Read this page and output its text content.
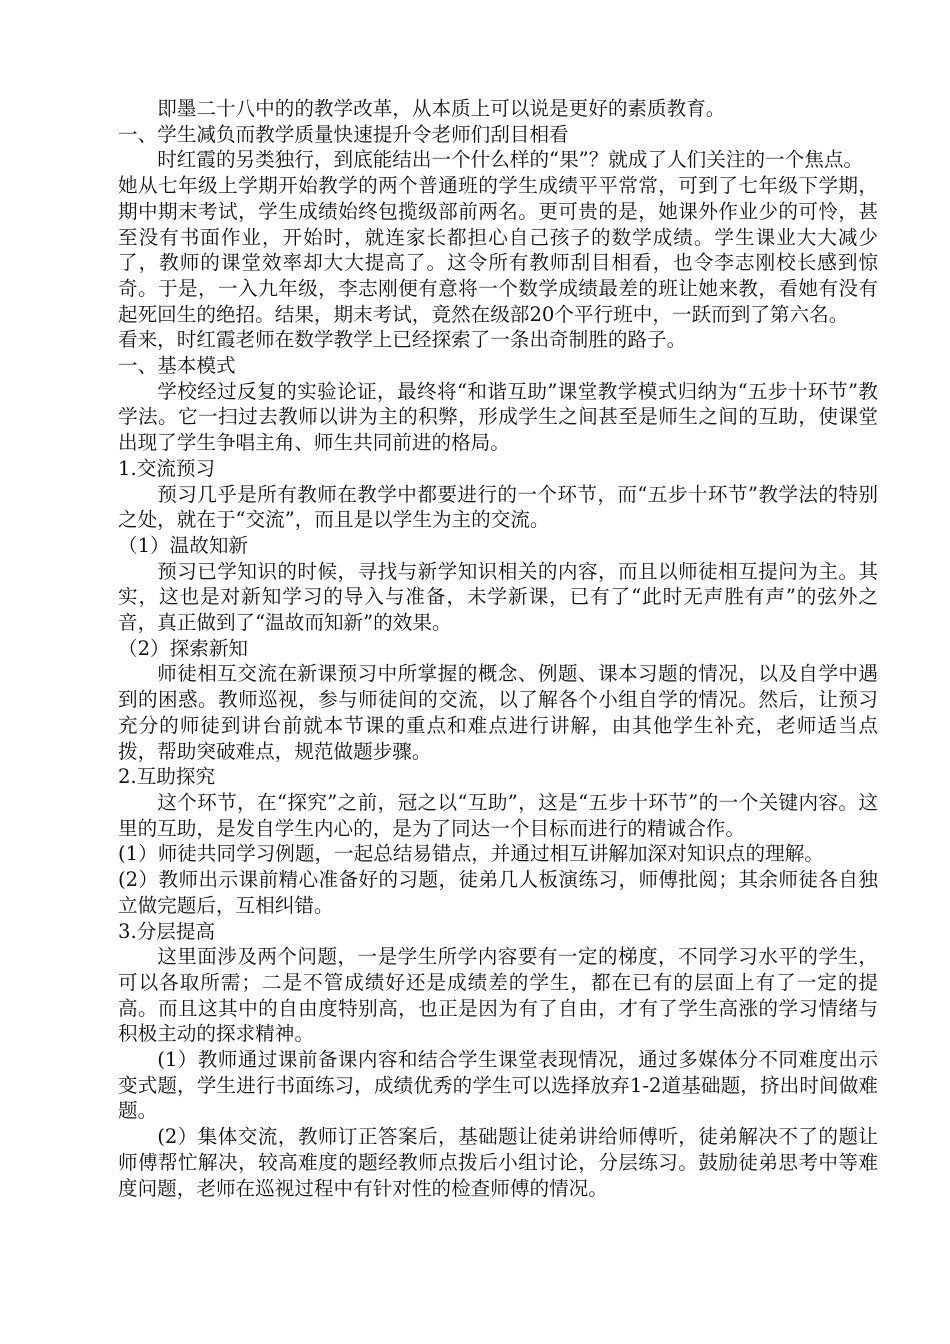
即墨二十八中的的教学改革，从本质上可以说是更好的素质教育。

一、学生减负而教学质量快速提升令老师们刮目相看

时红霞的另类独行，到底能结出一个什么样的“果”？就成了人们关注的一个焦点。

她从七年级上学期开始教学的两个普通班的学生成绩平平常常，可到了七年级下学期，期中期末考试，学生成绩始终包揽级部前两名。更可贵的是，她课外作业少的可怜，甚至没有书面作业，开始时，就连家长都担心自己孩子的数学成绩。学生课业大大减少了，教师的课堂效率却大大提高了。这令所有教师刮目相看，也令李志刚校长感到惊奇。于是，一入九年级，李志刚便有意将一个数学成绩最差的班让她来教，看她有没有起死回生的绝招。结果，期末考试，竟然在级部20个平行班中，一跃而到了第六名。

看来，时红霞老师在数学教学上已经探索了一条出奇制胜的路子。

一、基本模式

学校经过反复的实验论证，最终将“和谐互助”课堂教学模式归纳为“五步十环节”教学法。它一扫过去教师以讲为主的积弊，形成学生之间甚至是师生之间的互助，使课堂出现了学生争唱主角、师生共同前进的格局。

1.交流预习

预习几乎是所有教师在教学中都要进行的一个环节，而“五步十环节”教学法的特别之处，就在于“交流”，而且是以学生为主的交流。

（1）温故知新

预习已学知识的时候，寻找与新学知识相关的内容，而且以师徒相互提问为主。其实，这也是对新知学习的导入与准备，未学新课，已有了“此时无声胜有声”的弦外之音，真正做到了“温故而知新”的效果。

（2）探索新知

师徒相互交流在新课预习中所掌握的概念、例题、课本习题的情况，以及自学中遇到的困惑。教师巡视，参与师徒间的交流，以了解各个小组自学的情况。然后，让预习充分的师徒到讲台前就本节课的重点和难点进行讲解，由其他学生补充，老师适当点拨，帮助突破难点，规范做题步骤。

2.互助探究

这个环节，在“探究”之前，冠之以“互助”，这是“五步十环节”的一个关键内容。这里的互助，是发自学生内心的，是为了同达一个目标而进行的精诚合作。

(1）师徒共同学习例题，一起总结易错点，并通过相互讲解加深对知识点的理解。

(2）教师出示课前精心准备好的习题，徒弟几人板演练习，师傅批阅；其余师徒各自独立做完题后，互相纠错。

3.分层提高

这里面涉及两个问题，一是学生所学内容要有一定的梯度，不同学习水平的学生，可以各取所需；二是不管成绩好还是成绩差的学生，都在已有的层面上有了一定的提高。而且这其中的自由度特别高，也正是因为有了自由，才有了学生高涨的学习情绪与积极主动的探求精神。

(1）教师通过课前备课内容和结合学生课堂表现情况，通过多媒体分不同难度出示变式题，学生进行书面练习，成绩优秀的学生可以选择放弃1-2道基础题，挤出时间做难题。

(2）集体交流，教师订正答案后，基础题让徒弟讲给师傅听，徒弟解决不了的题让师傅帮忙解决，较高难度的题经教师点拨后小组讨论，分层练习。鼓励徒弟思考中等难度问题，老师在巡视过程中有针对性的检查师傅的情况。
